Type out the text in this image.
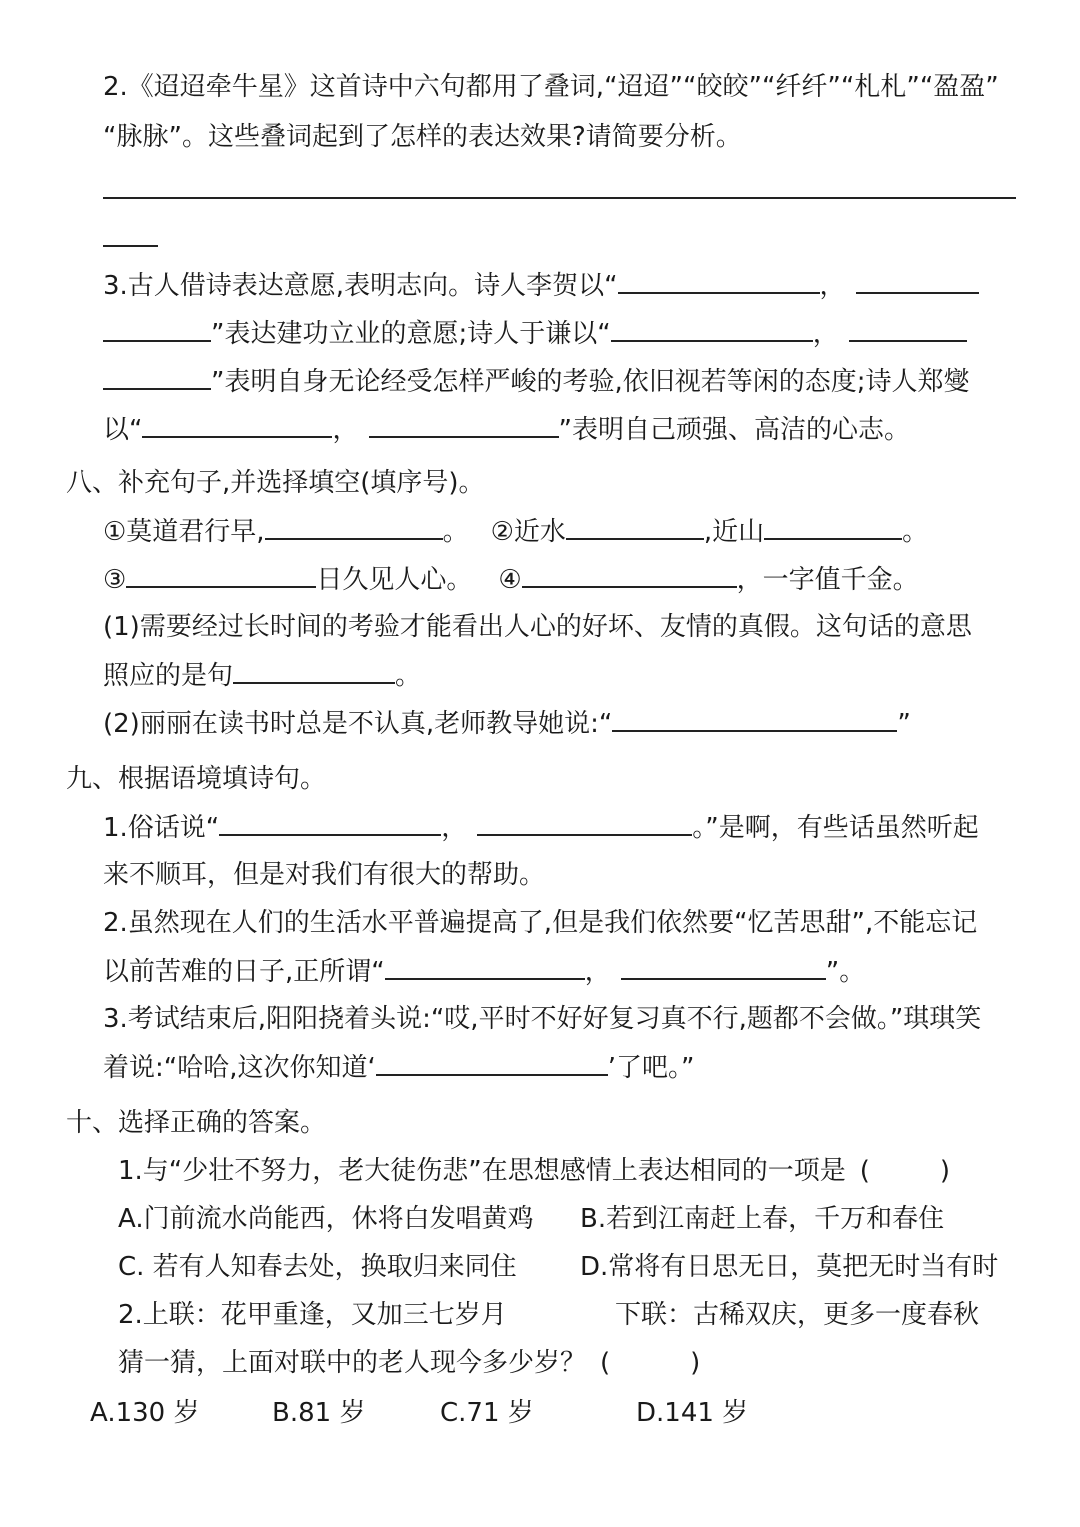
2.《迢迢牵牛星》这首诗中六句都用了叠词,“迢迢”“皎皎”“纤纤”“札札”“盈盈”
“脉脉”。这些叠词起到了怎样的表达效果?请简要分析。
3.古人借诗表达意愿,表明志向。诗人李贺以“	，
”表达建功立业的意愿;诗人于谦以“	，
”表明自身无论经受怎样严峻的考验,依旧视若等闲的态度;诗人郑燮
以“	，	”表明自己顽强、高洁的心志。
八、补充句子,并选择填空(填序号)。
①莫道君行早,	。 ②近水	,近山	。
③	日久见人心。 ④	，一字值千金。
(1)需要经过长时间的考验才能看出人心的好坏、友情的真假。这句话的意思
照应的是句	。
(2)丽丽在读书时总是不认真,老师教导她说:“	”
九、根据语境填诗句。
1.俗话说“	，	。”是啊，有些话虽然听起
来不顺耳，但是对我们有很大的帮助。
2.虽然现在人们的生活水平普遍提高了,但是我们依然要“忆苦思甜”,不能忘记
以前苦难的日子,正所谓“	，	”。
3.考试结束后,阳阳挠着头说:“哎,平时不好好复习真不行,题都不会做。”琪琪笑
着说:“哈哈,这次你知道‘	’了吧。”
十、选择正确的答案。
1.与“少壮不努力，老大徒伤悲”在思想感情上表达相同的一项是 (	)
A.门前流水尚能西，休将白发唱黄鸡 B.若到江南赶上春，千万和春住
C. 若有人知春去处，换取归来同住 D.常将有日思无日，莫把无时当有时
2.上联：花甲重逢，又加三七岁月	下联：古稀双庆，更多一度春秋
猜一猜，上面对联中的老人现今多少岁？ (	)
A.130 岁	B.81 岁	C.71 岁	D.141 岁
